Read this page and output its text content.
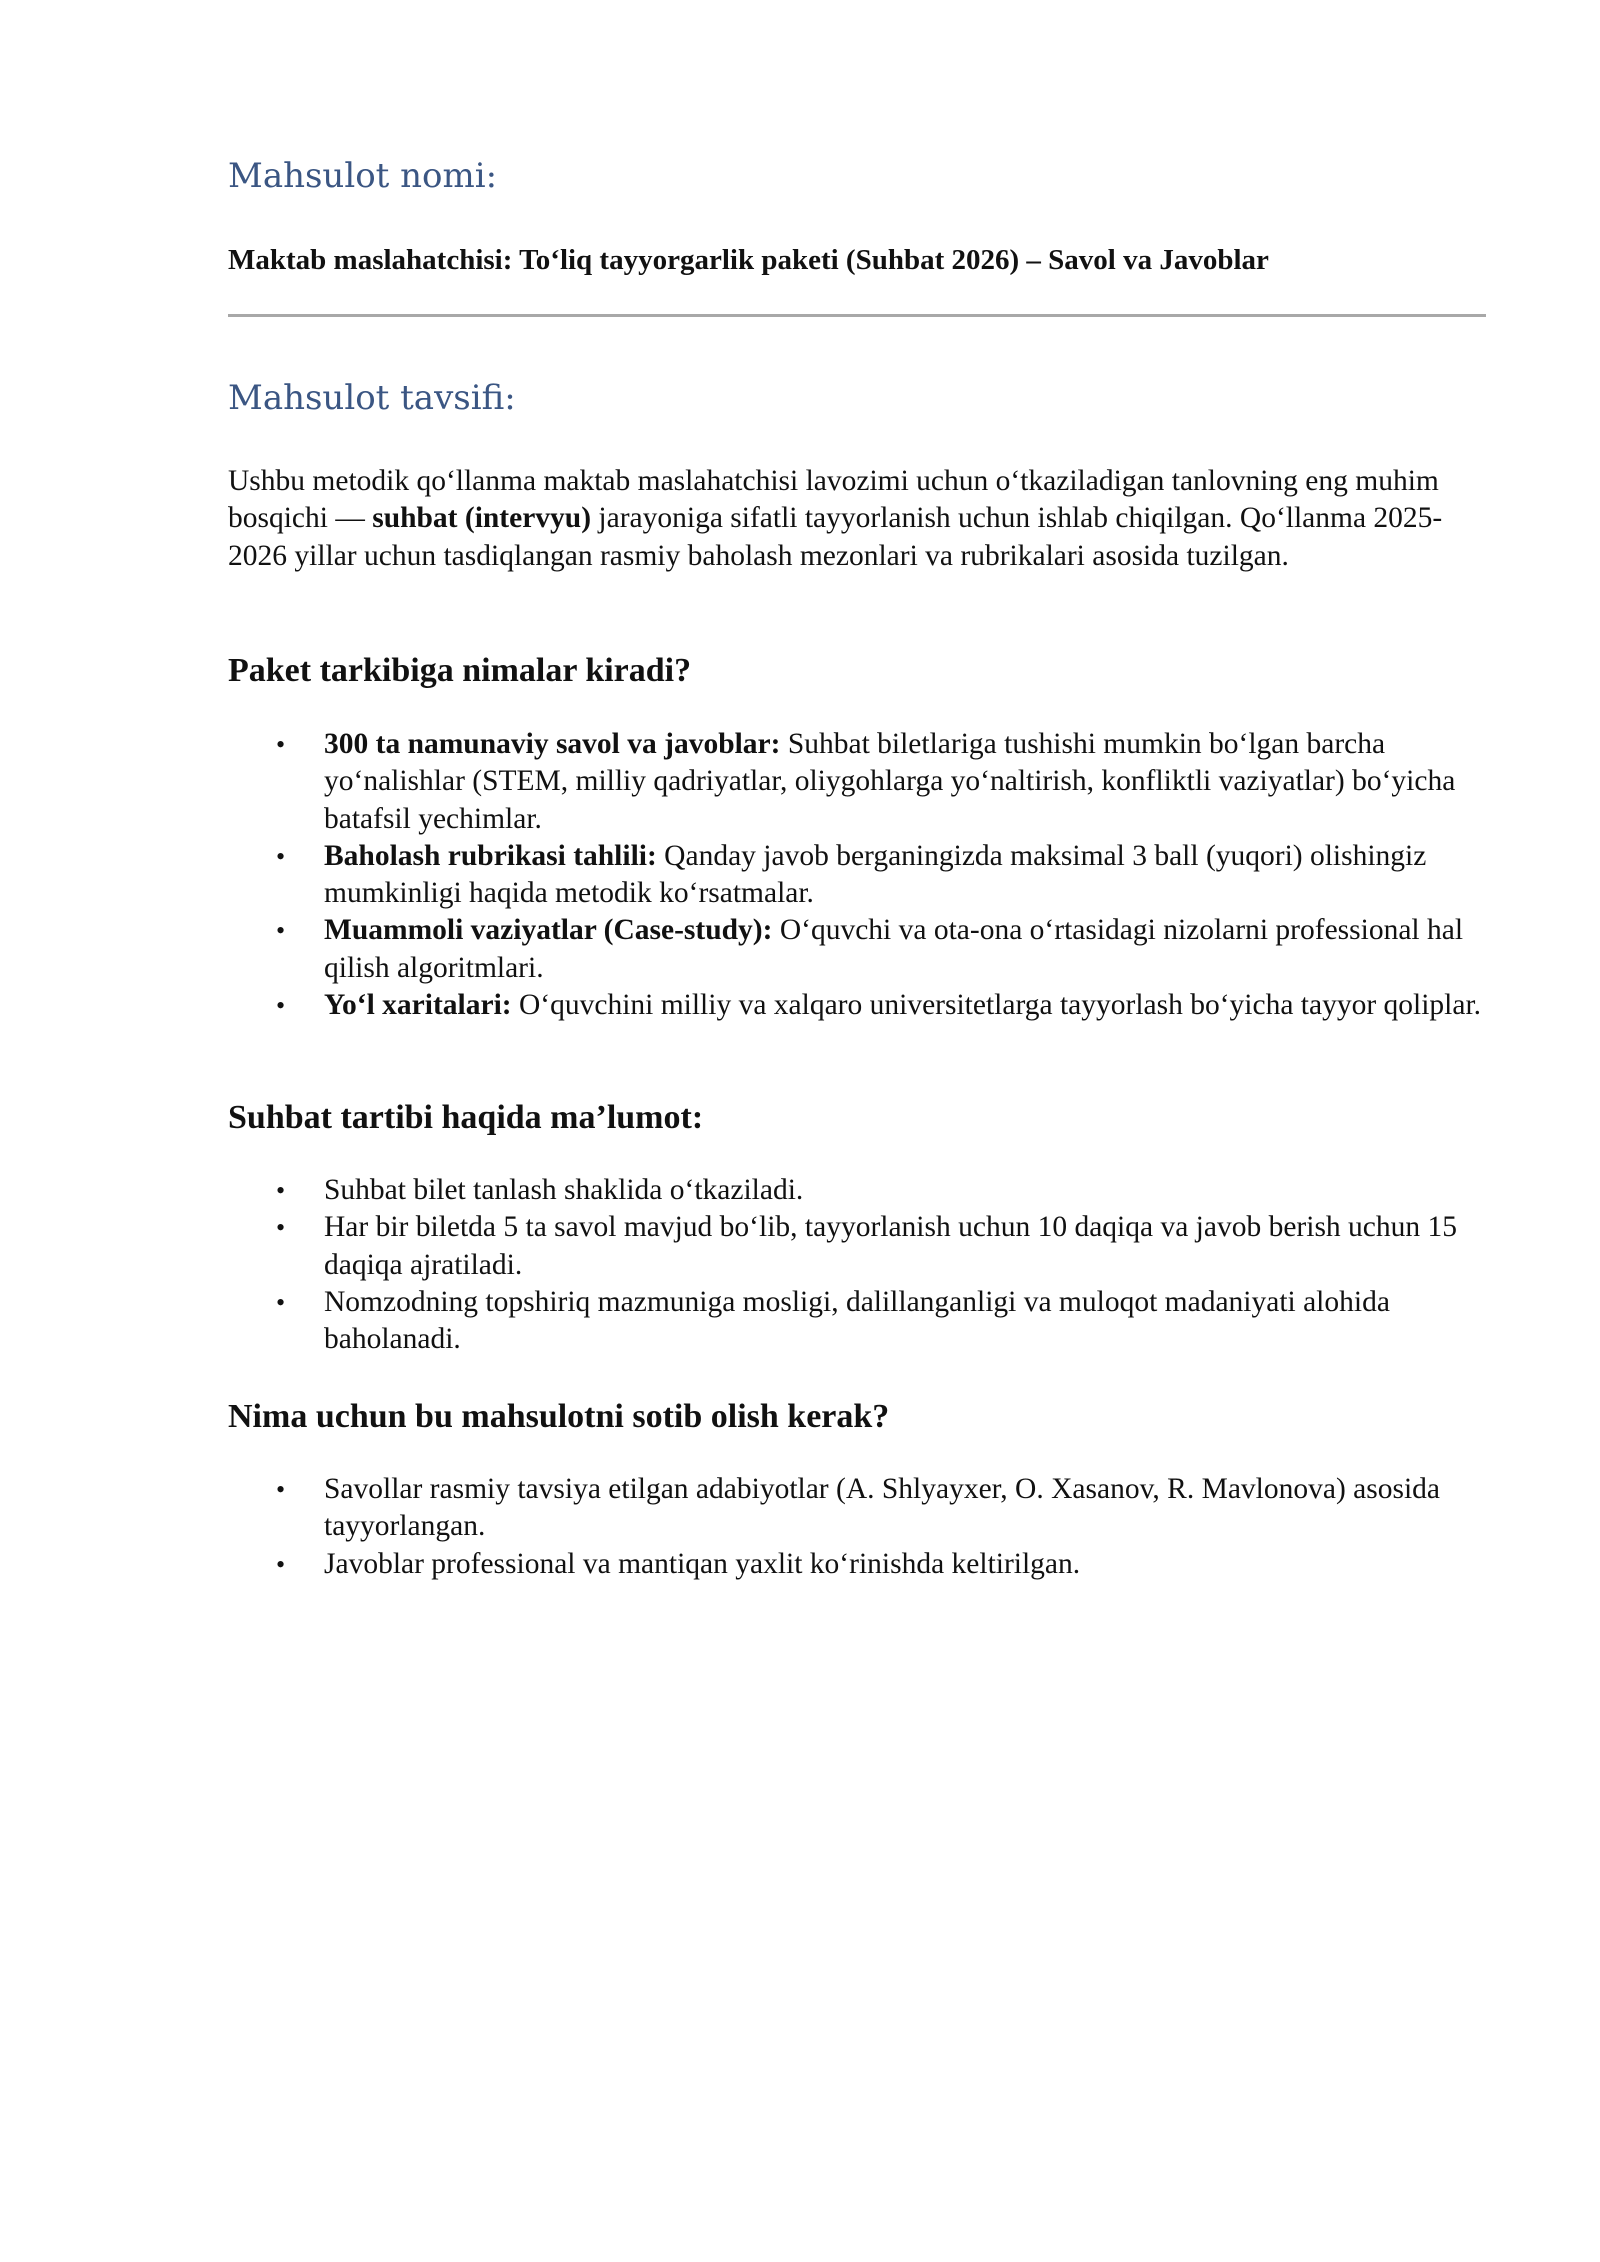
Mahsulot nomi:

Maktab maslahatchisi: To‘liq tayyorgarlik paketi (Suhbat 2026) – Savol va Javoblar

Mahsulot tavsifi:

Ushbu metodik qo‘llanma maktab maslahatchisi lavozimi uchun o‘tkaziladigan tanlovning eng muhim bosqichi — suhbat (intervyu) jarayoniga sifatli tayyorlanish uchun ishlab chiqilgan. Qo‘llanma 2025-2026 yillar uchun tasdiqlangan rasmiy baholash mezonlari va rubrikalari asosida tuzilgan.

Paket tarkibiga nimalar kiradi?
• 300 ta namunaviy savol va javoblar: Suhbat biletlariga tushishi mumkin bo‘lgan barcha yo‘nalishlar (STEM, milliy qadriyatlar, oliygohlarga yo‘naltirish, konfliktli vaziyatlar) bo‘yicha batafsil yechimlar.
• Baholash rubrikasi tahlili: Qanday javob berganingizda maksimal 3 ball (yuqori) olishingiz mumkinligi haqida metodik ko‘rsatmalar.
• Muammoli vaziyatlar (Case-study): O‘quvchi va ota-ona o‘rtasidagi nizolarni professional hal qilish algoritmlari.
• Yo‘l xaritalari: O‘quvchini milliy va xalqaro universitetlarga tayyorlash bo‘yicha tayyor qoliplar.
Suhbat tartibi haqida ma’lumot:
• Suhbat bilet tanlash shaklida o‘tkaziladi.
• Har bir biletda 5 ta savol mavjud bo‘lib, tayyorlanish uchun 10 daqiqa va javob berish uchun 15 daqiqa ajratiladi.
• Nomzodning topshiriq mazmuniga mosligi, dalillanganligi va muloqot madaniyati alohida baholanadi.
Nima uchun bu mahsulotni sotib olish kerak?
• Savollar rasmiy tavsiya etilgan adabiyotlar (A. Shlyayxer, O. Xasanov, R. Mavlonova) asosida tayyorlangan.
• Javoblar professional va mantiqan yaxlit ko‘rinishda keltirilgan.
